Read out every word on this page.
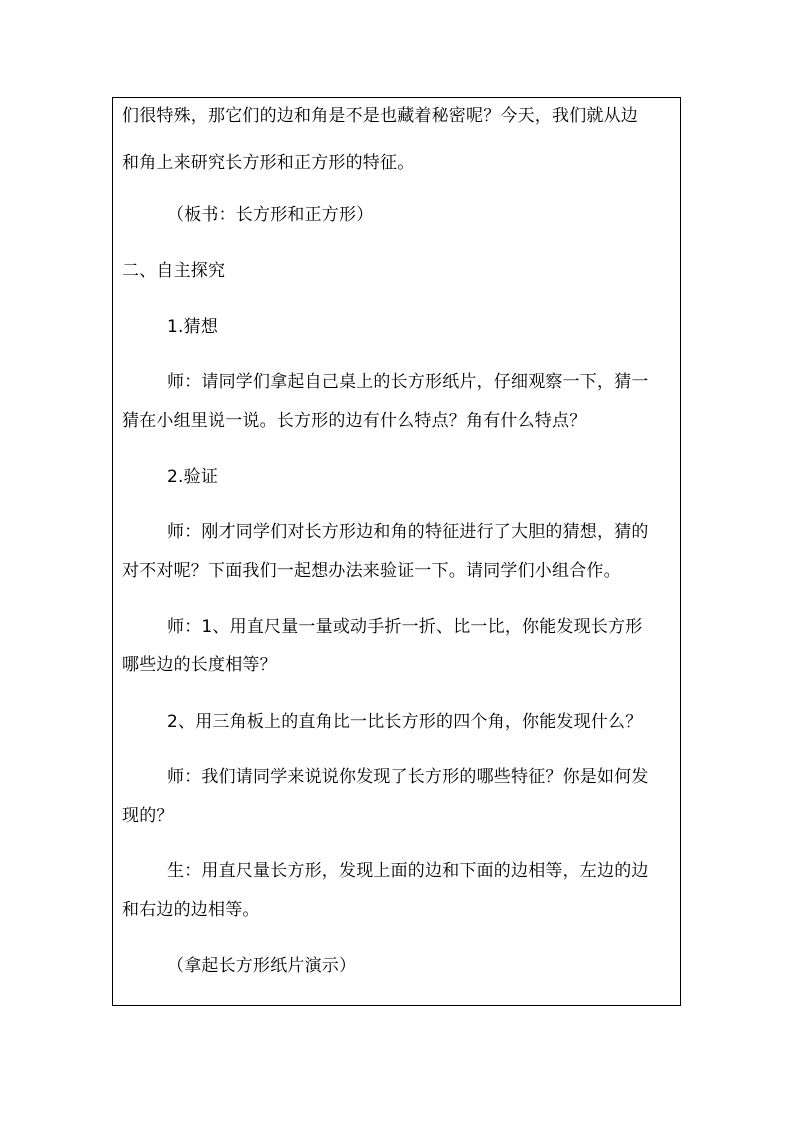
们很特殊，那它们的边和角是不是也藏着秘密呢？今天，我们就从边
和角上来研究长方形和正方形的特征。
（板书：长方形和正方形）
二、自主探究
1.猜想
师：请同学们拿起自己桌上的长方形纸片，仔细观察一下，猜一
猜在小组里说一说。长方形的边有什么特点？角有什么特点？
2.验证
师：刚才同学们对长方形边和角的特征进行了大胆的猜想，猜的
对不对呢？下面我们一起想办法来验证一下。请同学们小组合作。
师：1、用直尺量一量或动手折一折、比一比，你能发现长方形
哪些边的长度相等？
2、用三角板上的直角比一比长方形的四个角，你能发现什么？
师：我们请同学来说说你发现了长方形的哪些特征？你是如何发
现的？
生：用直尺量长方形，发现上面的边和下面的边相等，左边的边
和右边的边相等。
（拿起长方形纸片演示）
